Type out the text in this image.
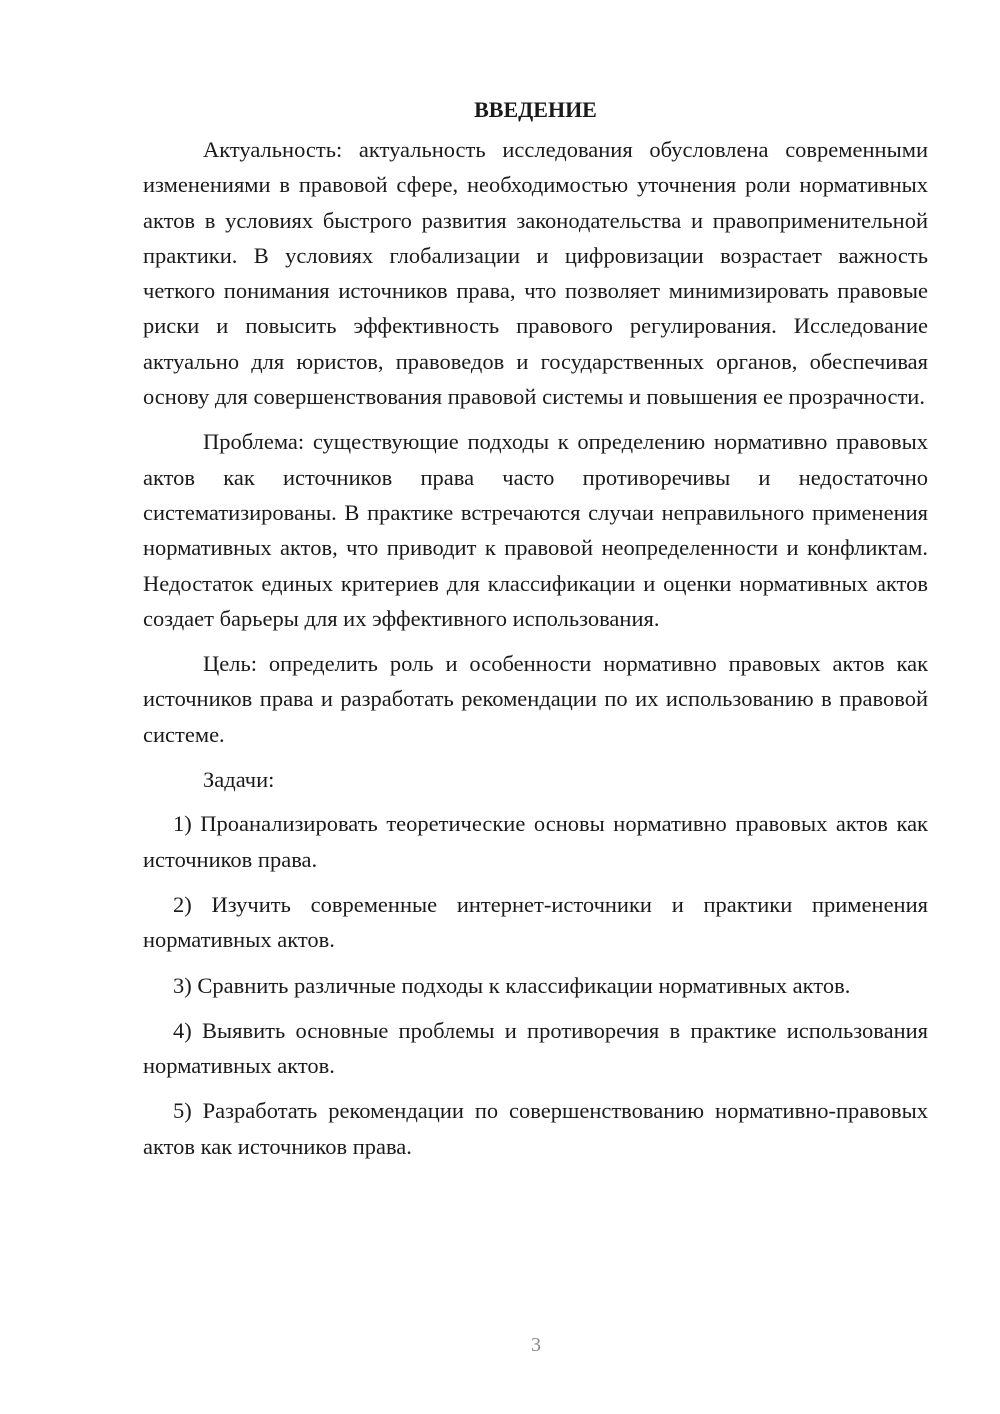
ВВЕДЕНИЕ

Актуальность: актуальность исследования обусловлена современными изменениями в правовой сфере, необходимостью уточнения роли нормативных актов в условиях быстрого развития законодательства и правоприменительной практики. В условиях глобализации и цифровизации возрастает важность четкого понимания источников права, что позволяет минимизировать правовые риски и повысить эффективность правового регулирования. Исследование актуально для юристов, правоведов и государственных органов, обеспечивая основу для совершенствования правовой системы и повышения ее прозрачности.

Проблема: существующие подходы к определению нормативно правовых актов как источников права часто противоречивы и недостаточно систематизированы. В практике встречаются случаи неправильного применения нормативных актов, что приводит к правовой неопределенности и конфликтам. Недостаток единых критериев для классификации и оценки нормативных актов создает барьеры для их эффективного использования.

Цель: определить роль и особенности нормативно правовых актов как источников права и разработать рекомендации по их использованию в правовой системе.

Задачи:

1) Проанализировать теоретические основы нормативно правовых актов как источников права.

2) Изучить современные интернет-источники и практики применения нормативных актов.

3) Сравнить различные подходы к классификации нормативных актов.

4) Выявить основные проблемы и противоречия в практике использования нормативных актов.

5) Разработать рекомендации по совершенствованию нормативно-правовых актов как источников права.

3
